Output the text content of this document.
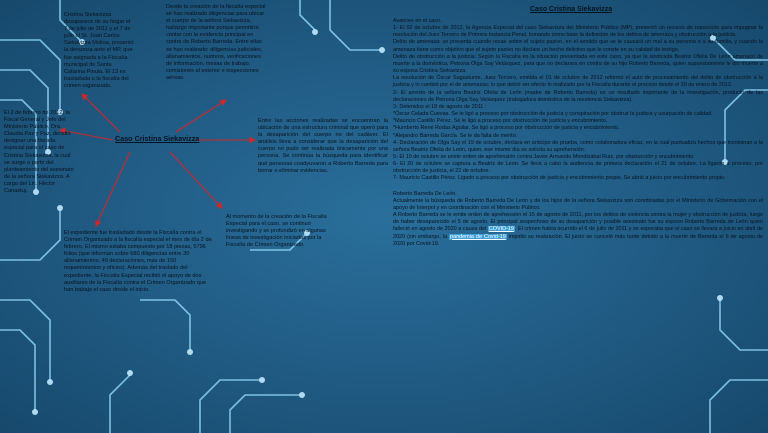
Caso Cristina Siekavizza
Cristina Siekavizza desaparece de su hogar el 7 de julio de 2011 y el 7 de julio el Sr. Juan Carlos Siekavizza Molina, presentó la denuncia ante el MP, que fue asignada a la Fiscalía municipal de Santa Catarina Pinula. El 13 es trasladada a la fiscalía del crimen organizado.
Desde la creación de la fiscalía especial se han realizado diligencias para ubicar el cuerpo de la señora Siekavizza, hallazgo importante porque permitiría contar con la evidencia principal en contra de Roberto Barreda. Entre ellas se han realizado: diligencias judiciales, allanamientos, rastreos, verificaciones de información, mesas de trabajo, comisiones al exterior e inspecciones aéreas.
El 2 de febrero de 2012, la Fiscal General y Jefe del Ministerio Público, Dra. Claudia Paz y Paz, decidió designar una fiscalía especial para el caso de Cristina Siekavizza, la cual se surge a partir del planteamiento del asesinato de la señora Siekavizza. A cargo del Lic. Héctor Canastuj.
Entre las acciones realizadas se encuentran la ubicación de una estructura criminal que operó para la desaparición del cuerpo no del cadáver. El análisis lleva a considerar que la desaparición del cuerpo no pudo ser realizada únicamente por una persona. Se continúa la búsqueda para identificar qué personas coadyuvaron a Roberto Barreda para borrar o eliminar evidencias.
Al momento de la creación de la Fiscalía Especial para el caso, se continuó investigando y se profundizó en algunas líneas de investigación iniciadas por la Fiscalía de Crimen Organizado.
El expediente fue trasladado desde la Fiscalía contra el Crimen Organizado a la fiscalía especial el mes de día 2 de febrero. El mismo estaba compuesto por 18 piezas, 5796 folios (que informan sobre 680 diligencias entre 30 allanamientos, 40 declaraciones, más de 150 requerimientos y oficios). Además del traslado del expediente, la Fiscalía Especial recibió el apoyo de dos auxiliares de la Fiscalía contra el Crimen Organizado que han trabajo el caso desde el inicio.
Caso Cristina Siekavizza

Avances en el caso.

1- El 02 de octubre de 2012, la Agencia Especial del caso Siekavizza del Ministerio Público (MP), presentó un recurso de reposición para impugnar la resolución del Juez Tercero de Primera Instancia Penal, tomando como base la definición de los delitos de amenaza y obstrucción a la justicia.

Delito de amenaza: se presenta cuando recae sobre el sujeto pasivo, en el sentido que se le causará un mal a su persona o a su familia, y cuando la amenaza tiene como objetivo que el sujeto pasivo no declare un hecho delictivo que le conste en su calidad de testigo.

Delito de obstrucción a la justicia: Según la Fiscalía es la situación presentada en este caso, ya que la sindicada Beatriz Ofelia De León amenazó de muerte a la doméstica, Petrona Olga Say Velásquez, para que no declarara en contra de su hijo Roberto Barreda, quien supuestamente le dio muerte a su esposa Cristina Siekavizza.

La resolución de Óscar Sagastume, Juez Tercero, emitida el 01 de octubre de 2012 reformó el auto de procesamiento del delito de obstrucción a la justicia y lo cambió por el de amenazas; lo que debió ser efecto lo realizado por la Fiscalía durante el proceso desde el 20 de enero de 2012.

2- El arresto de la señora Beatriz Ofelia de León (madre de Roberto Barreda) es un resultado importante de la investigación, producto de las declaraciones de Petrona Olga Say Velásquez (trabajadora doméstica de la residencia Siekavizza).

3- Detenidos el 18 de agosto de 2011 :

*Óscar Celada Cuevas. Se le ligó a proceso por obstrucción de justicia y conspiración por obstruir la justicia y usurpación de calidad.

*Mauricio Castillo Pérez. Se le ligó a proceso por obstrucción de justicia y encubrimiento.

*Humberto René Rodas Aguilar. Se ligó a proceso por obstrucción de justicia y encubrimiento.

*Alejandro Barreda García. Se le da falta de mérito.

4- Declaración de Olga Say el 19 de octubre, declara en anticipo de prueba, como colaboradora eficaz, en la cual puntualiza hechos que incriminan a la señora Beatriz Ofelia de León, quien, ese mismo día se solicita su aprehensión.

5- El 19 de octubre se emite orden de aprehensión contra Javier Armando Mendizábal Ruiz, por obstrucción y encubrimiento.

6- El 20 de octubre se captura a Beatriz de León. Se lleva a cabo la audiencia de primera declaración el 21 de octubre. La ligaron a proceso, por obstrucción de justicia, el 22 de octubre.

7- Mauricio Castillo Pérez. Ligado a proceso por obstrucción de justicia y encubrimiento propio. Se abrió a juicio por encubrimiento propio.

Roberto Barreda De León.

Actualmente la búsqueda de Roberto Barreda De León y de los hijos de la señora Siekavizza son coordinadas por el Ministerio de Gobernación con el apoyo de Interpol y en coordinación con el Ministerio Público.

A Roberto Barreda se le emite orden de aprehensión el 15 de agosto de 2011, por los delitos de violencia contra la mujer y obstrucción de justicia, luego de haber desaparecido el 5 de agosto. El principal sospechoso de su desaparición y posible asesinato fue su esposo Roberto Barreda de León quien falleció en agosto de 2020 a causa del COVID-19. El crimen había ocurrido el 6 de julio de 2011 y se esperaba que el caso se llevara a juicio en abril de 2020 (sin embargo, la pandemia de Covid-19 impidió su realización. El juicio se canceló más tarde debido a la muerte de Barreda el 6 de agosto de 2020 por Covid-19.
